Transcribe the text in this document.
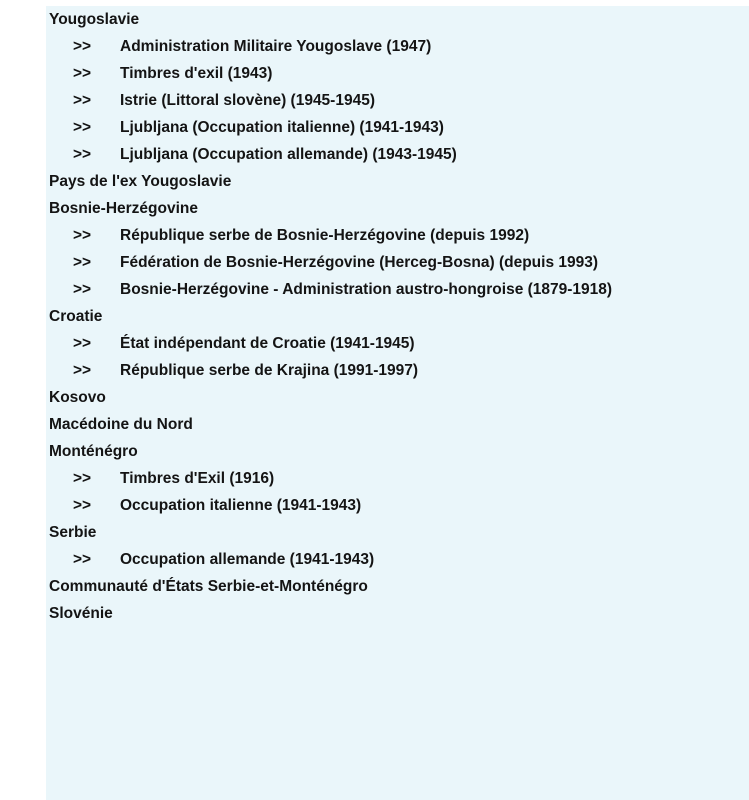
Yougoslavie
>> Administration Militaire Yougoslave (1947)
>> Timbres d'exil (1943)
>> Istrie (Littoral slovène) (1945-1945)
>> Ljubljana (Occupation italienne) (1941-1943)
>> Ljubljana (Occupation allemande) (1943-1945)
Pays de l'ex Yougoslavie
Bosnie-Herzégovine
>> République serbe de Bosnie-Herzégovine (depuis 1992)
>> Fédération de Bosnie-Herzégovine (Herceg-Bosna) (depuis 1993)
>> Bosnie-Herzégovine - Administration austro-hongroise (1879-1918)
Croatie
>> État indépendant de Croatie (1941-1945)
>> République serbe de Krajina (1991-1997)
Kosovo
Macédoine du Nord
Monténégro
>> Timbres d'Exil (1916)
>> Occupation italienne (1941-1943)
Serbie
>> Occupation allemande (1941-1943)
Communauté d'États Serbie-et-Monténégro
Slovénie
